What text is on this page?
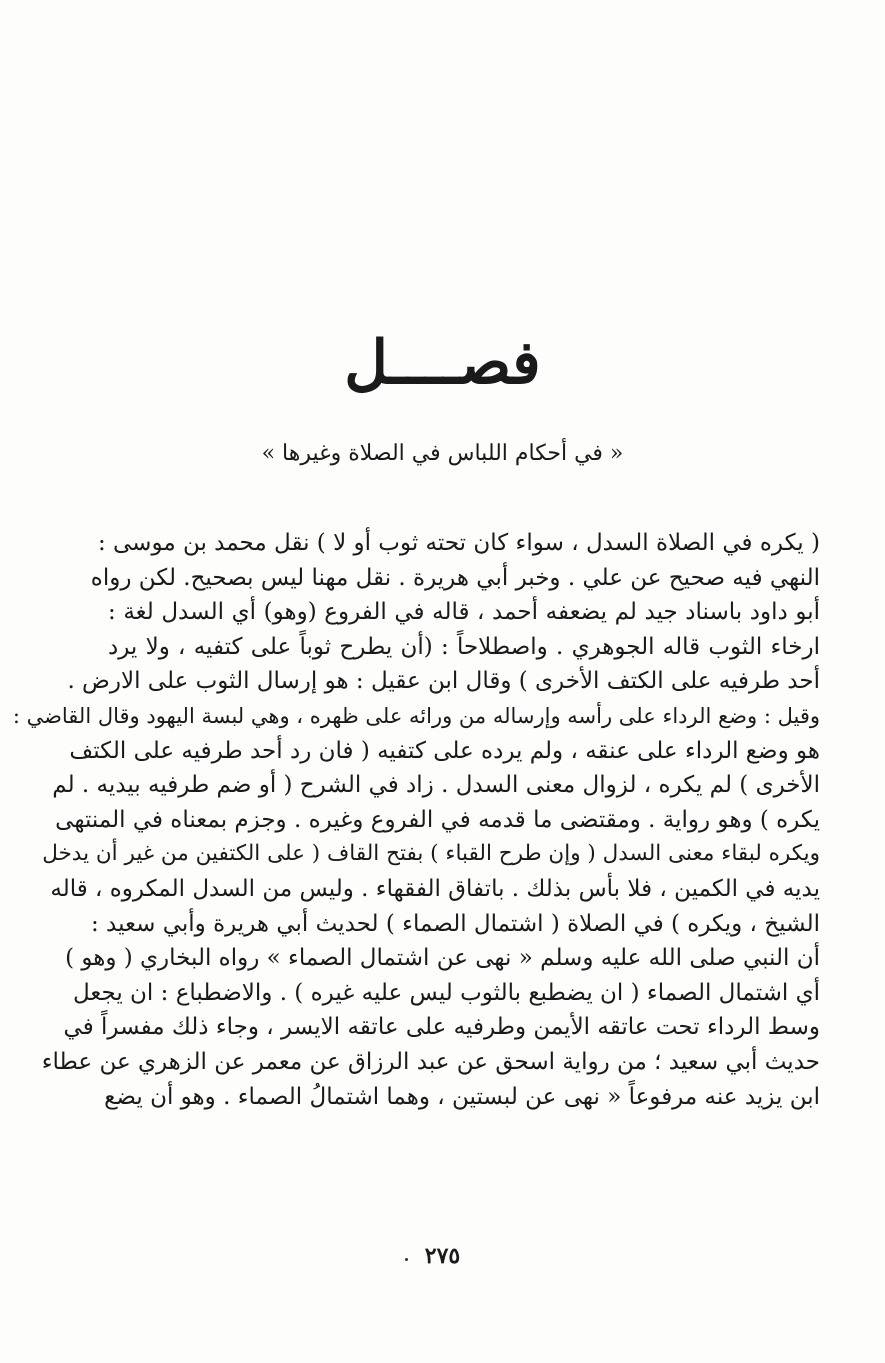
فصــــل
« في أحكام اللباس في الصلاة وغيرها »
( يكره في الصلاة السدل ، سواء كان تحته ثوب أو لا ) نقل محمد بن موسى :
النهي فيه صحيح عن علي . وخبر أبي هريرة . نقل مهنا ليس بصحيح. لكن رواه
أبو داود باسناد جيد لم يضعفه أحمد ، قاله في الفروع (وهو) أي السدل لغة :
ارخاء الثوب قاله الجوهري . واصطلاحاً : (أن يطرح ثوباً على كتفيه ، ولا يرد
أحد طرفيه على الكتف الأخرى ) وقال ابن عقيل : هو إرسال الثوب على الارض .
وقيل : وضع الرداء على رأسه وإرساله من ورائه على ظهره ، وهي لبسة اليهود وقال القاضي :
هو وضع الرداء على عنقه ، ولم يرده على كتفيه ( فان رد أحد طرفيه على الكتف
الأخرى ) لم يكره ، لزوال معنى السدل . زاد في الشرح ( أو ضم طرفيه بيديه . لم
يكره ) وهو رواية . ومقتضى ما قدمه في الفروع وغيره . وجزم بمعناه في المنتهى
ويكره لبقاء معنى السدل ( وإن طرح القباء ) بفتح القاف ( على الكتفين من غير أن يدخل
يديه في الكمين ، فلا بأس بذلك . باتفاق الفقهاء . وليس من السدل المكروه ، قاله
الشيخ ، ويكره ) في الصلاة ( اشتمال الصماء ) لحديث أبي هريرة وأبي سعيد :
أن النبي صلى الله عليه وسلم « نهى عن اشتمال الصماء » رواه البخاري ( وهو )
أي اشتمال الصماء ( ان يضطبع بالثوب ليس عليه غيره ) . والاضطباع : ان يجعل
وسط الرداء تحت عاتقه الأيمن وطرفيه على عاتقه الايسر ، وجاء ذلك مفسراً في
حديث أبي سعيد ؛ من رواية اسحق عن عبد الرزاق عن معمر عن الزهري عن عطاء
ابن يزيد عنه مرفوعاً « نهى عن لبستين ، وهما اشتمالُ الصماء . وهو أن يضع
٢٧٥
